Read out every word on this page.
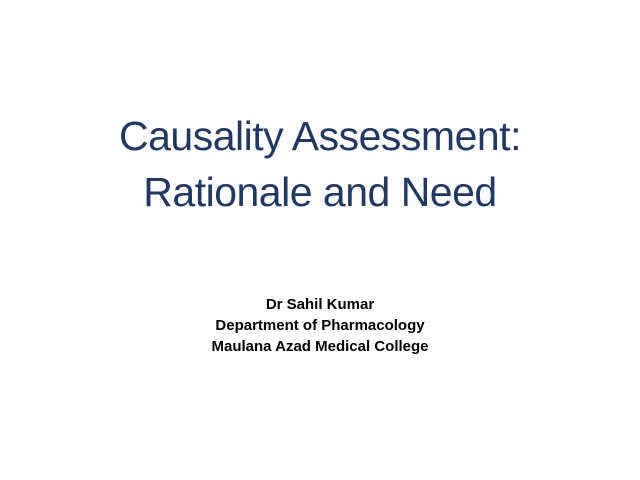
Causality Assessment:
Rationale and Need
Dr Sahil Kumar
Department of Pharmacology
Maulana Azad Medical College
